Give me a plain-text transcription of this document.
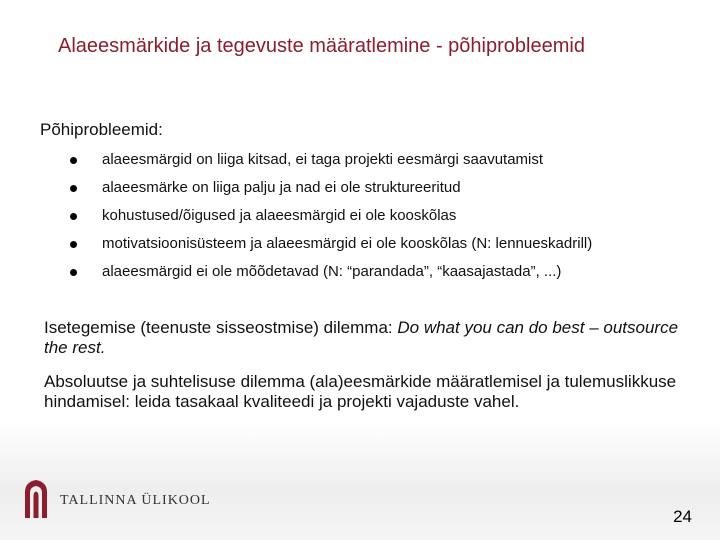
Alaeesmärkide ja tegevuste määratlemine - põhiprobleemid
Põhiprobleemid:
alaeesmärgid on liiga kitsad, ei taga projekti eesmärgi saavutamist
alaeesmärke on liiga palju ja nad ei ole struktureeritud
kohustused/õigused ja alaeesmärgid ei ole kooskõlas
motivatsioonisüsteem ja alaeesmärgid ei ole kooskõlas (N: lennueskadrill)
alaeesmärgid ei ole mõõdetavad (N: “parandada”, “kaasajastada”, ...)

Isetegemise (teenuste sisseostmise) dilemma: Do what you can do best – outsource the rest.

Absoluutse ja suhtelisuse dilemma (ala)eesmärkide määratlemisel ja tulemuslikkuse hindamisel: leida tasakaal kvaliteedi ja projekti vajaduste vahel.

TALLINNA ÜLIKOOL
24
